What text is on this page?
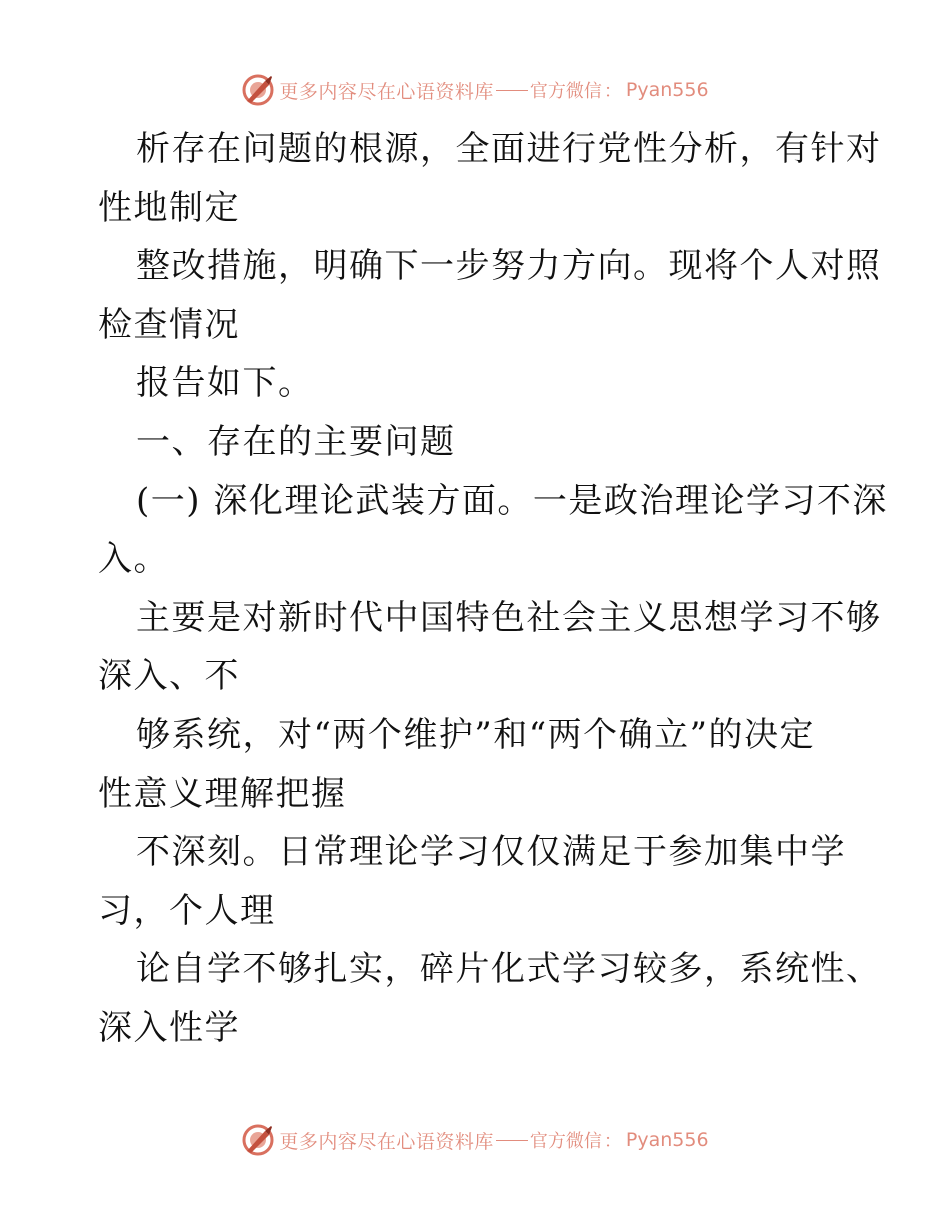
更多内容尽在心语资料库 官方微信 ： Pyan556
析存在问题的根源，全面进行党性分析，有针对
性地制定
整改措施，明确下一步努力方向。现将个人对照
检查情况
报告如下。
一、存在的主要问题
(一) 深化理论武装方面。一是政治理论学习不深
入。
主要是对新时代中国特色社会主义思想学习不够
深入、不
够系统，对“两个维护”和“两个确立”的决定
性意义理解把握
不深刻。日常理论学习仅仅满足于参加集中学
习，个人理
论自学不够扎实，碎片化式学习较多，系统性、
深入性学
更多内容尽在心语资料库 官方微信 ： Pyan556
